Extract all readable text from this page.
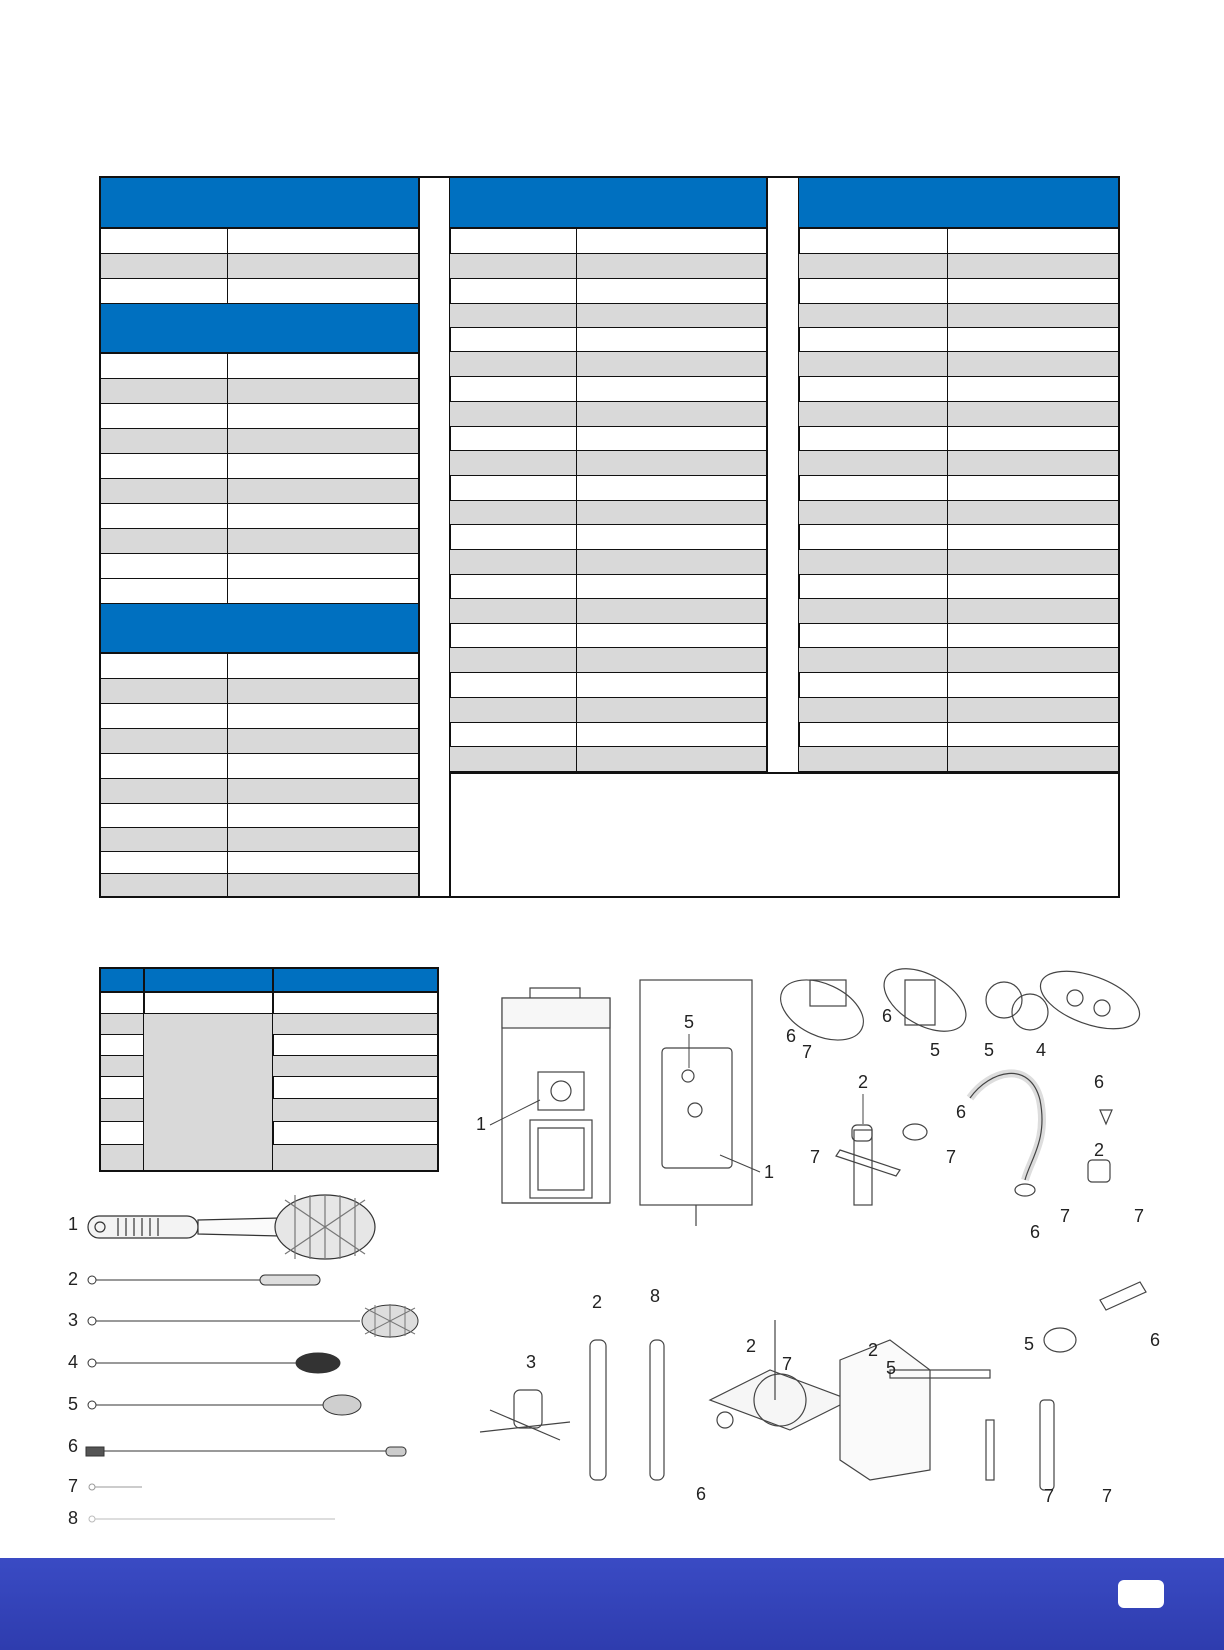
1
2
3
4
5
6
7
8
1
5
1
6
7
6
5 5 4
2
7	7
6
6
2
6
7	7
3
2	8
2
7
6
2
5
5	6
7	7
